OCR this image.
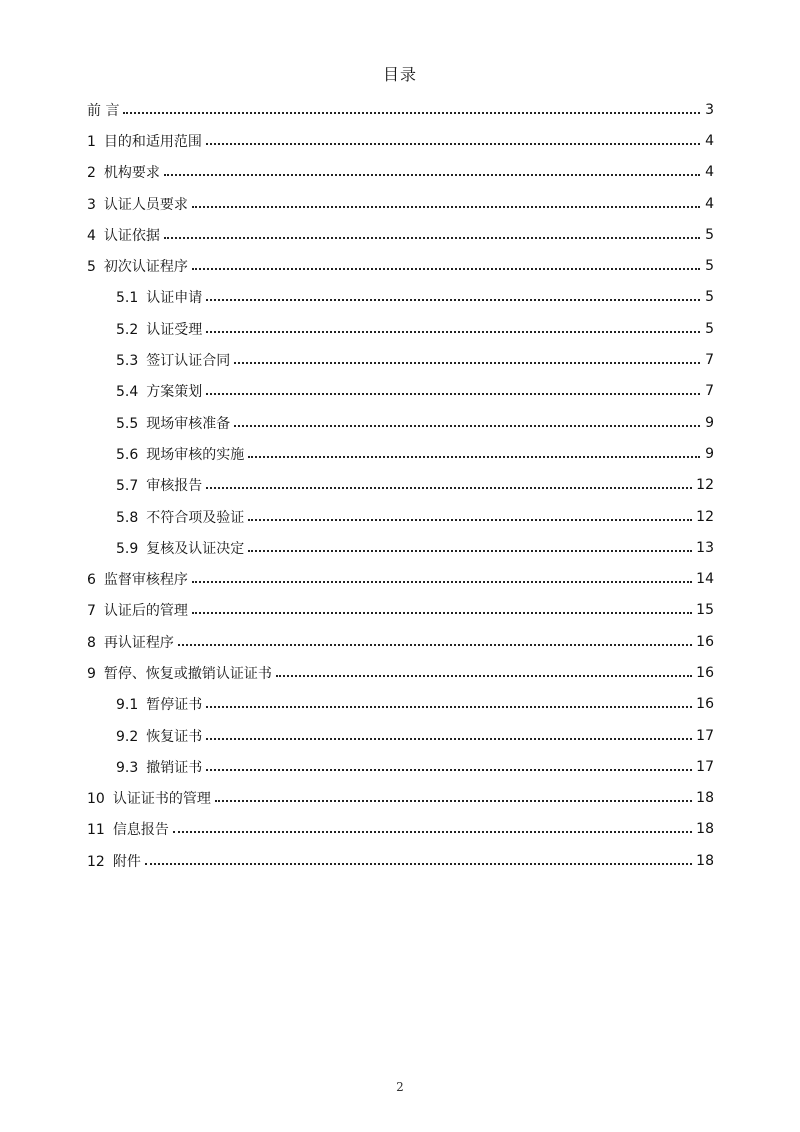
目录
前 言	3
1 目的和适用范围	4
2 机构要求	4
3 认证人员要求	4
4 认证依据	5
5 初次认证程序	5
5.1 认证申请	5
5.2 认证受理	5
5.3 签订认证合同	7
5.4 方案策划	7
5.5 现场审核准备	9
5.6 现场审核的实施	9
5.7 审核报告	12
5.8 不符合项及验证	12
5.9 复核及认证决定	13
6 监督审核程序	14
7 认证后的管理	15
8 再认证程序	16
9 暂停、恢复或撤销认证证书	16
9.1 暂停证书	16
9.2 恢复证书	17
9.3 撤销证书	17
10 认证证书的管理	18
11 信息报告	18
12 附件	18
2
